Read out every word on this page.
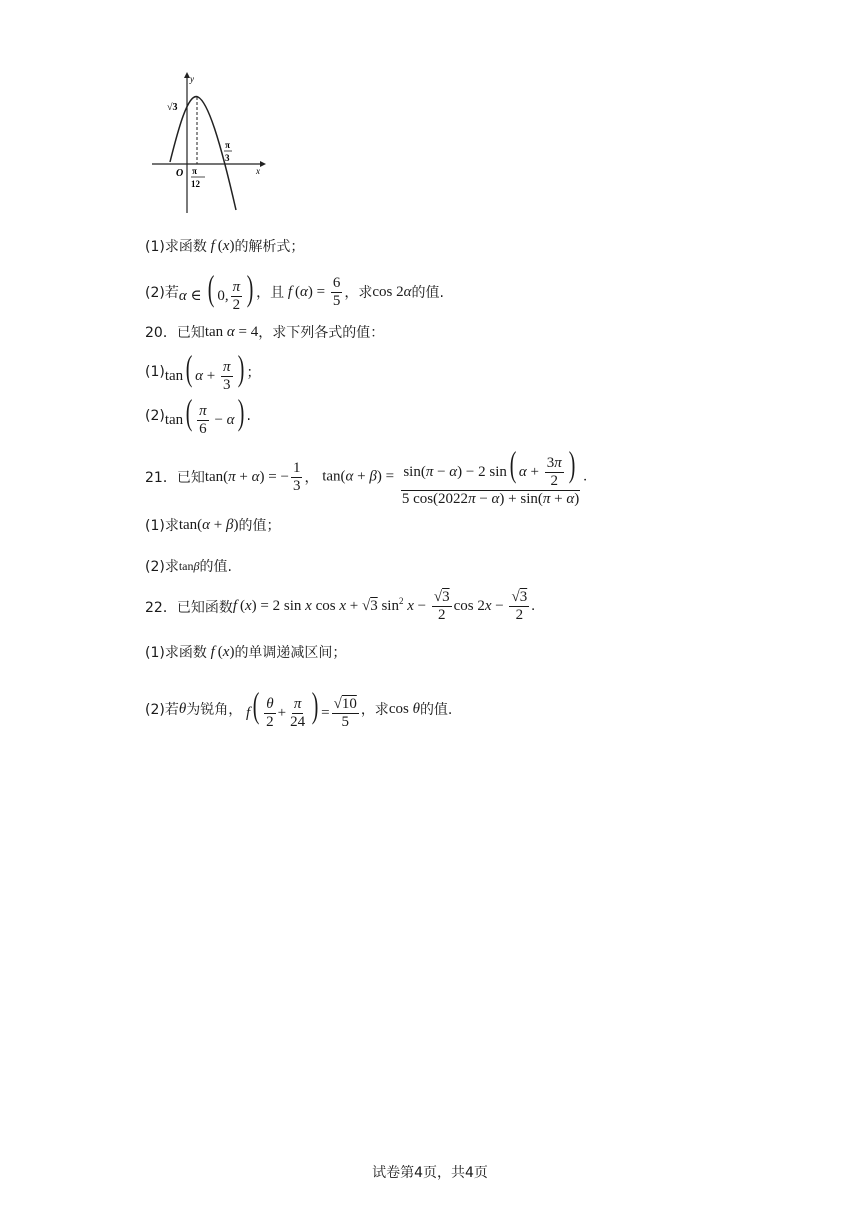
y
x
O
√3
π
12
π
3
(1)求函数 f (x) 的解析式；
(2)若 α ∈ ( 0, $\frac{\pi}{2}$ ) ，且 f $(\alpha) = \frac{6}{5}$ ，求 cos 2α 的值.
20．已知 tan α = 4 ，求下列各式的值：
(1) tan( $\alpha + \frac{\pi}{3}$ ) ；
(2) $\tan( \frac{\pi}{6} - \alpha)$ .
21．已知 tan(π + α) = − $\frac{1}{3}$ ， $\tan(\alpha + \beta) = \frac{\sin(\pi - \alpha) - 2 \sin( \alpha + \frac{3\pi}{2} )}{5 \cos(2022\pi - \alpha) + \sin(\pi + \alpha)}$ .
(1)求 tan(α + β) 的值；
(2)求 tanβ 的值.
22．已知函数 f (x) = 2 sin x cos x + √3 $\sin^2 x - \frac{√3}{2}$ $\cos 2x - \frac{√3}{2}$ .
(1)求函数 f (x) 的单调递减区间；
(2)若 θ 为锐角， $f( \frac{\theta}{2} + \frac{\pi}{24}$ ) = $\frac{√10}{5}$ ，求 cos θ 的值.
试卷第4页，共4页
